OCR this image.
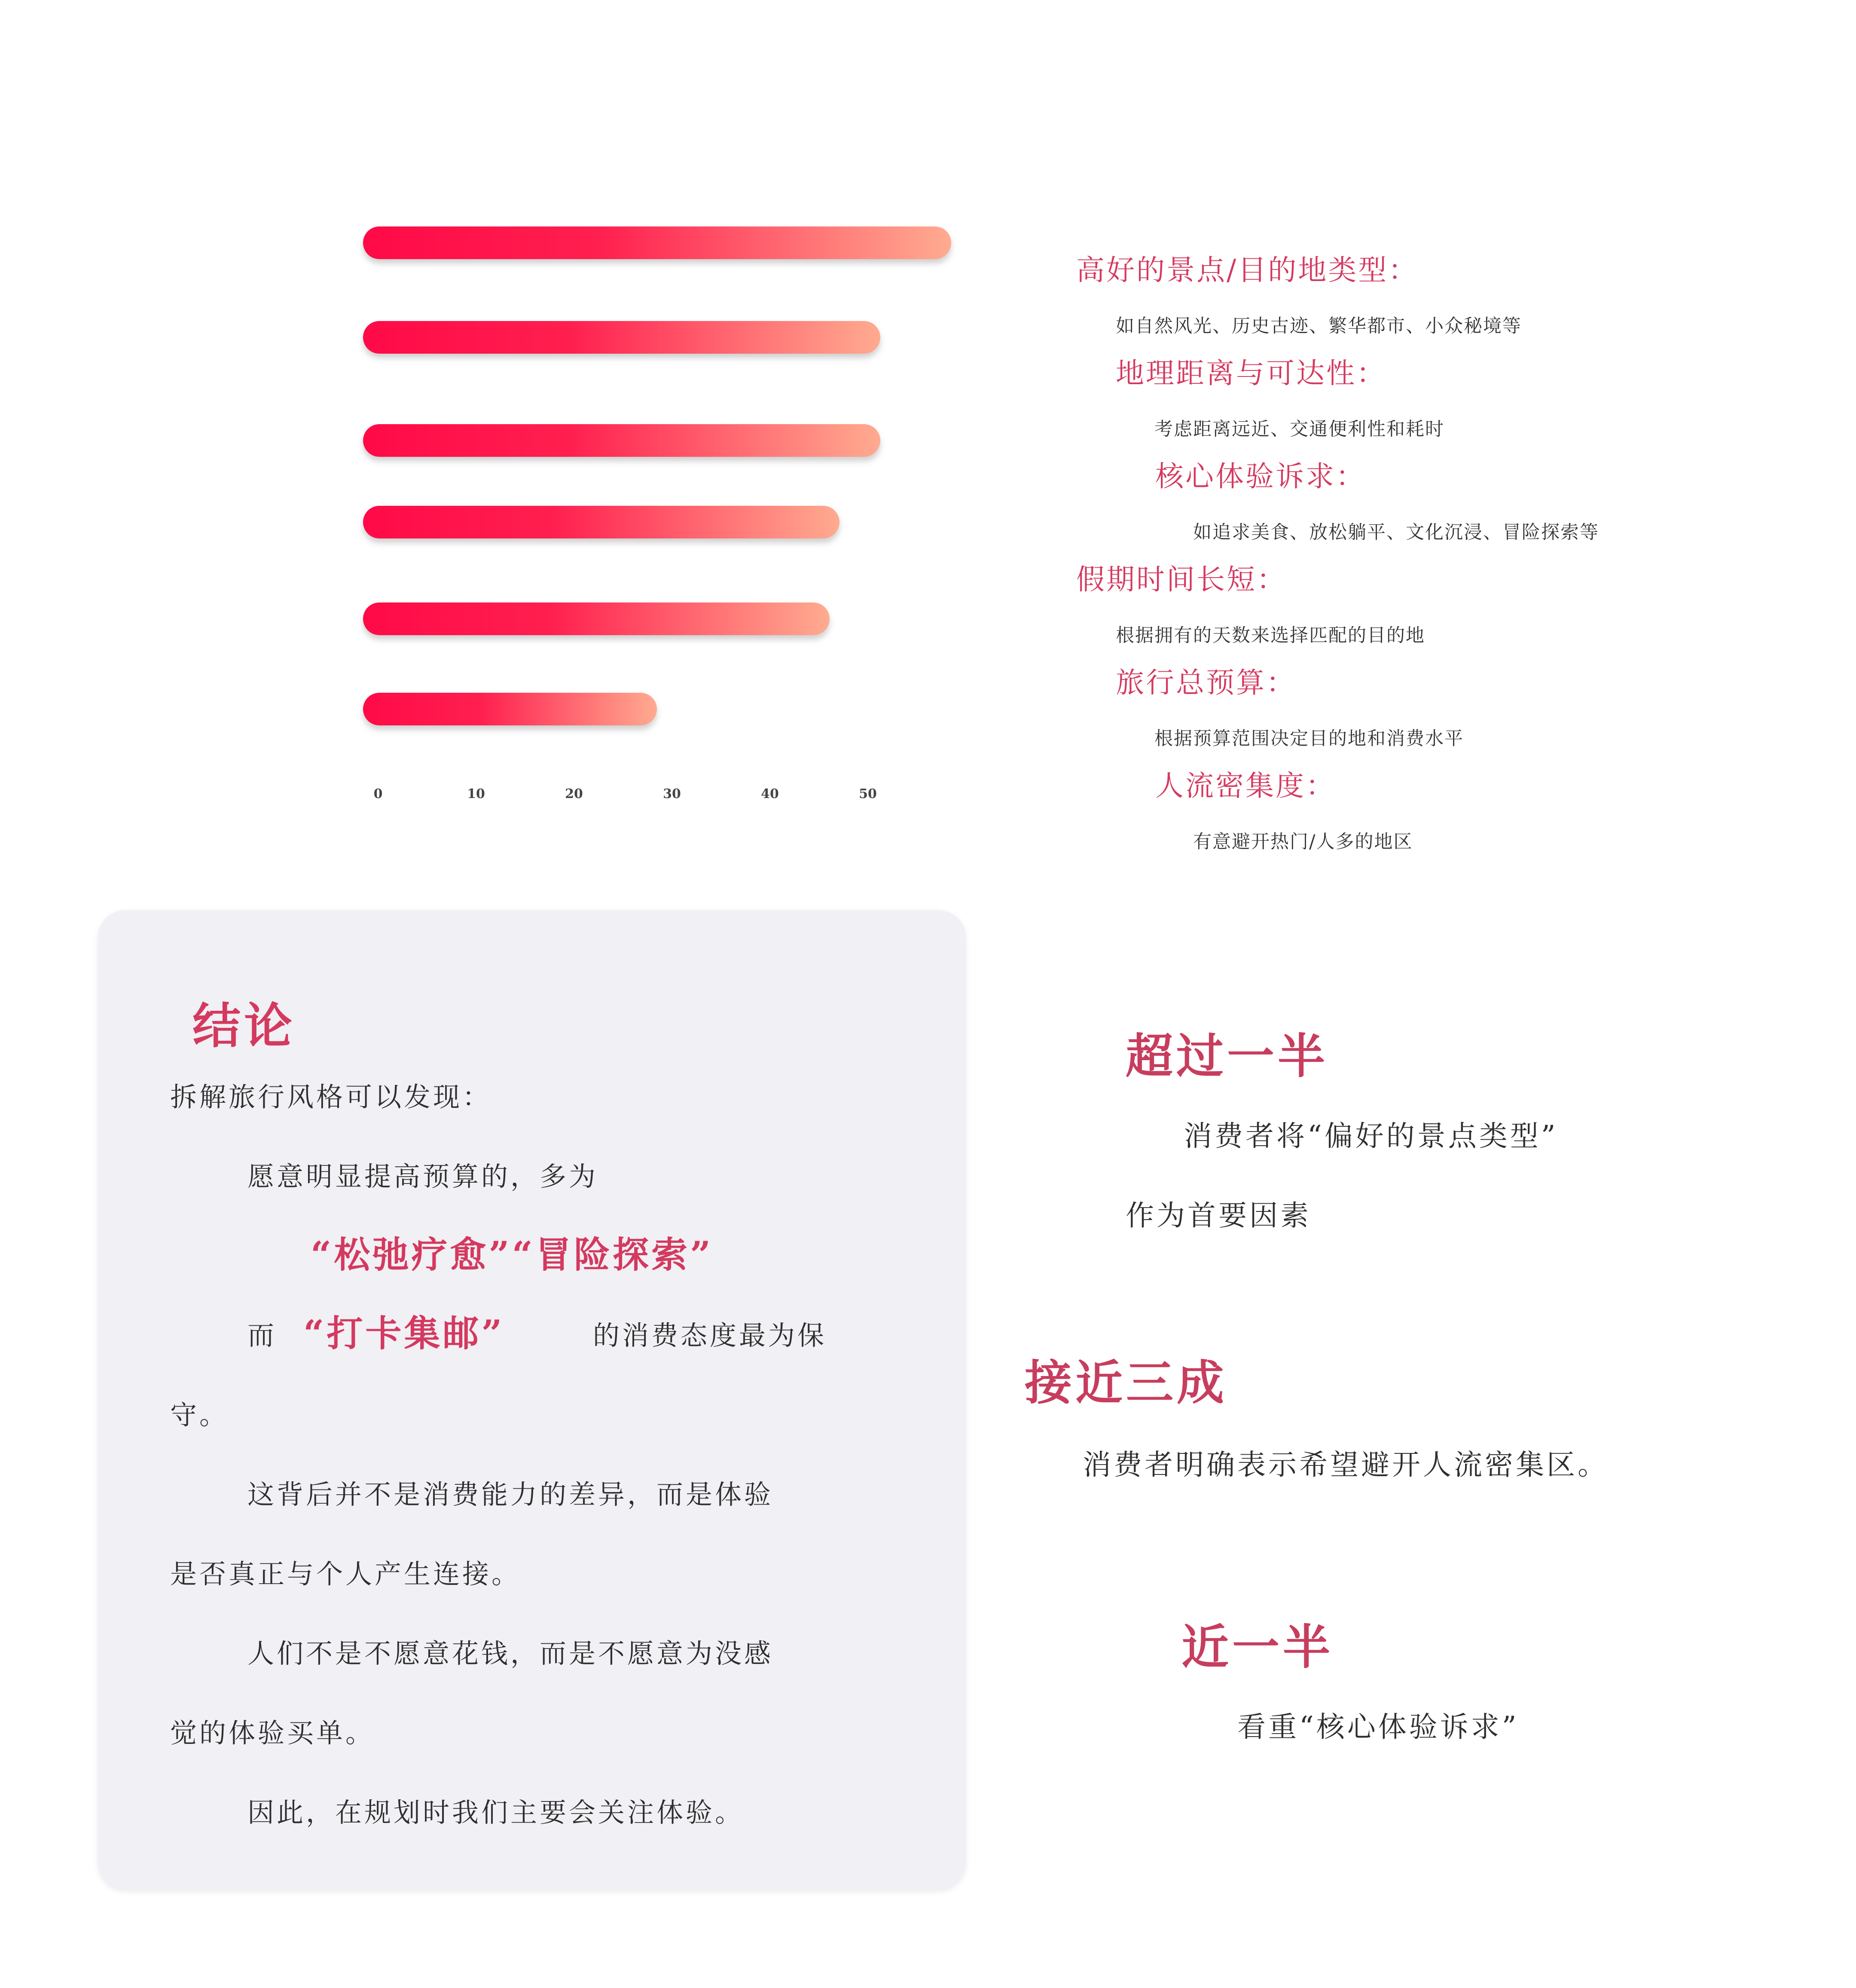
0	10	20	30	40	50
高好的景点/目的地类型：
如自然风光、历史古迹、繁华都市、小众秘境等
地理距离与可达性：
考虑距离远近、交通便利性和耗时
核心体验诉求：
如追求美食、放松躺平、文化沉浸、冒险探索等
假期时间长短：
根据拥有的天数来选择匹配的目的地
旅行总预算：
根据预算范围决定目的地和消费水平
人流密集度：
有意避开热门/人多的地区
结论
拆解旅行风格可以发现：
愿意明显提高预算的，多为
“松弛疗愈”“冒险探索”
而 “打卡集邮”	的消费态度最为保
守。
这背后并不是消费能力的差异，而是体验
是否真正与个人产生连接。
人们不是不愿意花钱，而是不愿意为没感
觉的体验买单。
因此，在规划时我们主要会关注体验。
超过一半
消费者将“偏好的景点类型”
作为首要因素
接近三成
消费者明确表示希望避开人流密集区。
近一半
看重“核心体验诉求”
